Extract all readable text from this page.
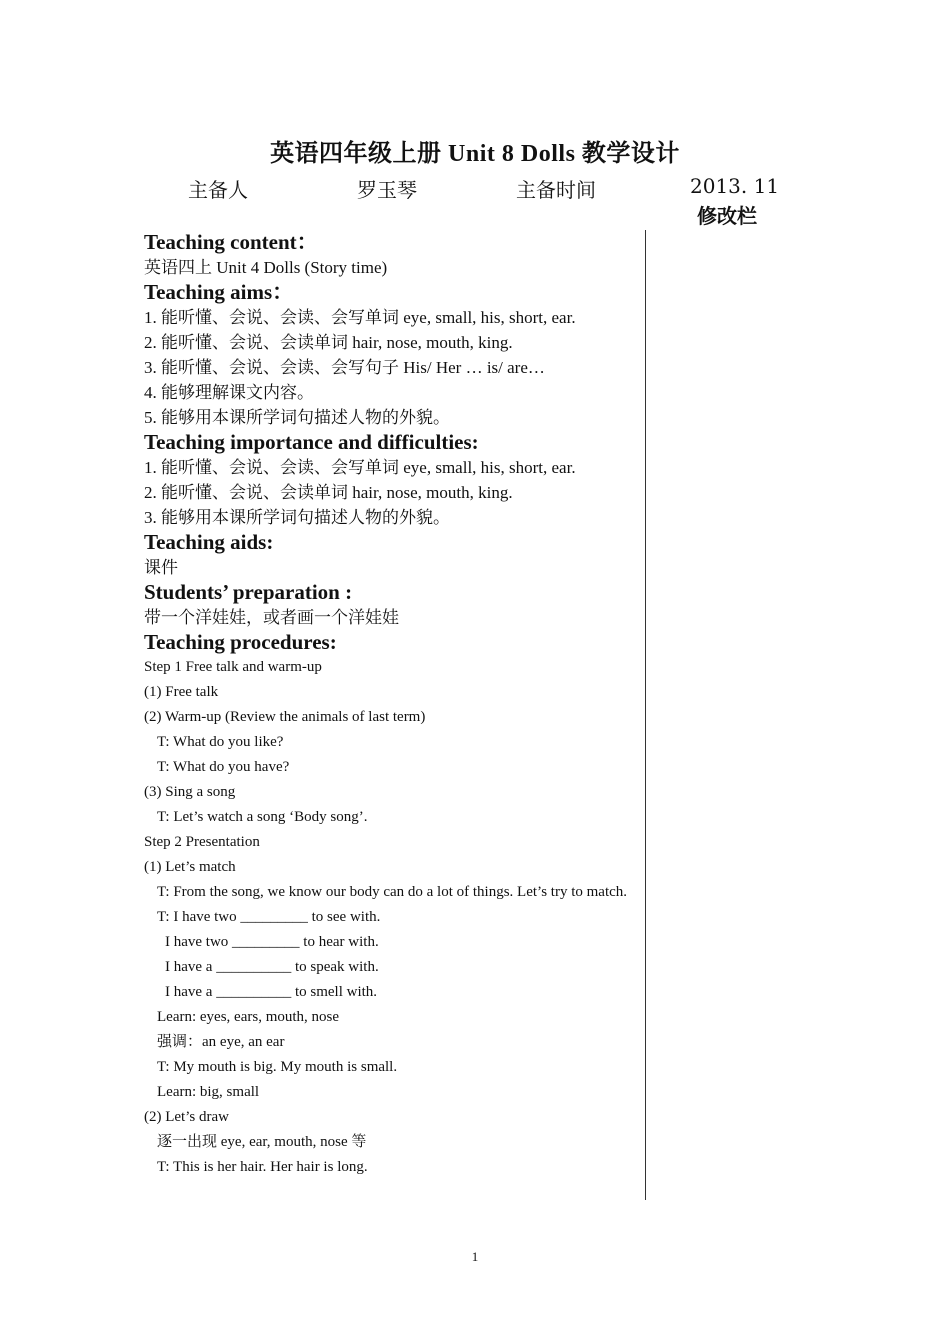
英语四年级上册 Unit 8 Dolls 教学设计
主备人	罗玉琴	主备时间	2013. 11
修改栏

Teaching content：

英语四上 Unit 4 Dolls (Story time)

Teaching aims：

1. 能听懂、会说、会读、会写单词 eye, small, his, short, ear.

2. 能听懂、会说、会读单词 hair, nose, mouth, king.

3. 能听懂、会说、会读、会写句子 His/ Her … is/ are…

4. 能够理解课文内容。

5. 能够用本课所学词句描述人物的外貌。

Teaching importance and difficulties:

1. 能听懂、会说、会读、会写单词 eye, small, his, short, ear.

2. 能听懂、会说、会读单词 hair, nose, mouth, king.

3. 能够用本课所学词句描述人物的外貌。

Teaching aids:

课件

Students’ preparation :

带一个洋娃娃，或者画一个洋娃娃

Teaching procedures:

Step 1 Free talk and warm-up

(1) Free talk

(2) Warm-up (Review the animals of last term)

T: What do you like?

T: What do you have?

(3) Sing a song

T: Let’s watch a song ‘Body song’.

Step 2 Presentation

(1) Let’s match

T: From the song, we know our body can do a lot of things. Let’s try to match.

T: I have two _________ to see with.

I have two _________ to hear with.

I have a __________ to speak with.

I have a __________ to smell with.

Learn: eyes, ears, mouth, nose

强调：an eye, an ear

T: My mouth is big. My mouth is small.

Learn: big, small

(2) Let’s draw

逐一出现 eye, ear, mouth, nose 等

T: This is her hair. Her hair is long.

1
